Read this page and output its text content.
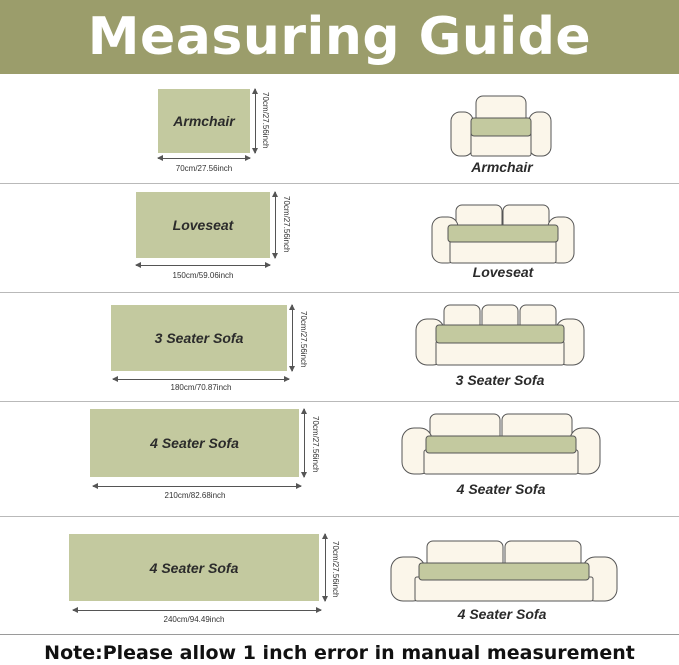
Measuring Guide
Armchair
70cm/27.56inch
70cm/27.56inch
Armchair
Loveseat
150cm/59.06inch
70cm/27.56inch
Loveseat
3 Seater Sofa
180cm/70.87inch
70cm/27.56inch
3 Seater Sofa
4 Seater Sofa
210cm/82.68inch
70cm/27.56inch
4 Seater Sofa
4 Seater Sofa
240cm/94.49inch
70cm/27.56inch
4 Seater Sofa
Note:Please allow 1 inch error in manual measurement
